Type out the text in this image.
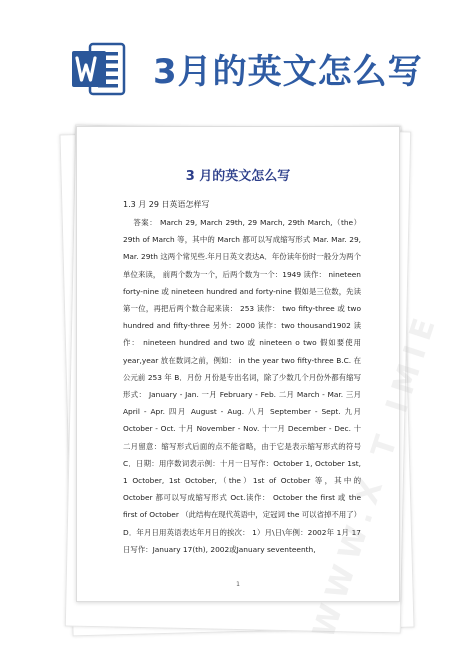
3月的英文怎么写
3 月的英文怎么写
1.3 月 29 日英语怎样写

答案： March 29, March 29th, 29 March, 29th March,（the）29th of March 等，其中的 March 都可以写成缩写形式 Mar. Mar. 29, Mar. 29th 这两个常见些.年月日英文表达A．年份读年份时一般分为两个单位来读， 前两个数为一个，后两个数为一个：1949 读作： nineteen forty-nine 或 nineteen hundred and forty-nine 假如是三位数，先读第一位，再把后两个数合起来读： 253 读作： two fifty-three 或 two hundred and fifty-three 另外：2000 读作：two thousand1902 读作： nineteen hundred and two 或 nineteen o two 假如要使用 year,year 放在数词之前，例如： in the year two fifty-three B.C. 在公元前 253 年 B．月份 月份是专出名词，除了少数几个月份外都有缩写形式： January - Jan. 一月 February - Feb. 二月 March - Mar. 三月 April - Apr. 四月 August - Aug. 八月 September - Sept. 九月 October - Oct. 十月 November - Nov. 十一月 December - Dec. 十二月留意：缩写形式后面的点不能省略，由于它是表示缩写形式的符号 C．日期：用序数词表示例：十月一日写作：October 1, October 1st, 1 October, 1st October,（the）1st of October 等，其中的 October 都可以写成缩写形式 Oct.读作： October the first 或 the first of October （此结构在现代英语中，定冠词 the 可以省掉不用了） D．年月日用英语表达年月日的挨次： 1）月\日\年例：2002年 1月 17 日写作：January 17(th), 2002或January seventeenth,

WWW.X T IMIE
1
